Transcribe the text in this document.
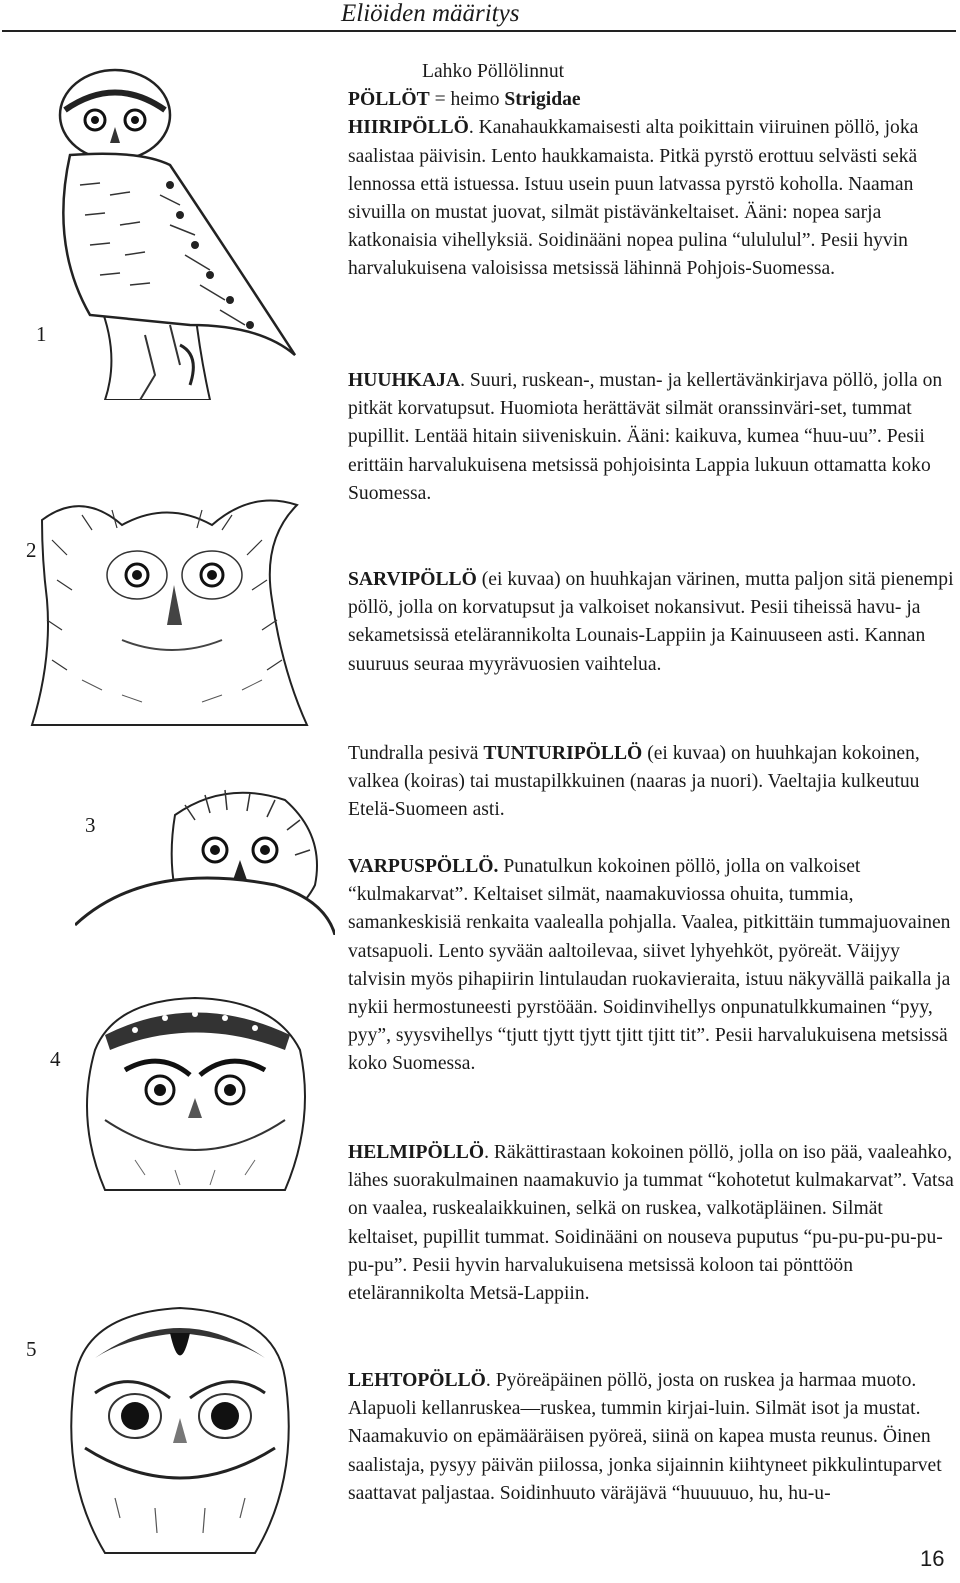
Eliöiden määritys
1
2
3
4
5

Lahko Pöllölinnut

PÖLLÖT = heimo Strigidae

HIIRIPÖLLÖ. Kanahaukkamaisesti alta poikittain viiruinen pöllö, joka saalistaa päivisin. Lento haukkamaista. Pitkä pyrstö erottuu selvästi sekä lennossa että istuessa. Istuu usein puun latvassa pyrstö koholla. Naaman sivuilla on mustat juovat, silmät pistävänkeltaiset. Ääni: nopea sarja katkonaisia vihellyksiä. Soidinääni nopea pulina “ulululul”. Pesii hyvin harvalukuisena valoisissa metsissä lähinnä Pohjois-Suomessa.

HUUHKAJA. Suuri, ruskean-, mustan- ja kellertävänkirjava pöllö, jolla on pitkät korvatupsut. Huomiota herättävät silmät oranssinväri-set, tummat pupillit. Lentää hitain siiveniskuin. Ääni: kaikuva, kumea “huu-uu”. Pesii erittäin harvalukuisena metsissä pohjoisinta Lappia lukuun ottamatta koko Suomessa.

SARVIPÖLLÖ (ei kuvaa) on huuhkajan värinen, mutta paljon sitä pienempi pöllö, jolla on korvatupsut ja valkoiset nokansivut. Pesii tiheissä havu- ja sekametsissä etelärannikolta Lounais-Lappiin ja Kainuuseen asti. Kannan suuruus seuraa myyrävuosien vaihtelua.

Tundralla pesivä TUNTURIPÖLLÖ (ei kuvaa) on huuhkajan kokoinen, valkea (koiras) tai mustapilkkuinen (naaras ja nuori). Vaeltajia kulkeutuu Etelä-Suomeen asti.

VARPUSPÖLLÖ. Punatulkun kokoinen pöllö, jolla on valkoiset “kulmakarvat”. Keltaiset silmät, naamakuviossa ohuita, tummia, samankeskisiä renkaita vaalealla pohjalla. Vaalea, pitkittäin tummajuovainen vatsapuoli. Lento syvään aaltoilevaa, siivet lyhyehköt, pyöreät. Väijyy talvisin myös pihapiirin lintulaudan ruokavieraita, istuu näkyvällä paikalla ja nykii hermostuneesti pyrstöään. Soidinvihellys onpunatulkkumainen “pyy, pyy”, syysvihellys “tjutt tjytt tjytt tjitt tjitt tit”. Pesii harvalukuisena metsissä koko Suomessa.

HELMIPÖLLÖ. Räkättirastaan kokoinen pöllö, jolla on iso pää, vaaleahko, lähes suorakulmainen naamakuvio ja tummat “kohotetut kulmakarvat”. Vatsa on vaalea, ruskealaikkuinen, selkä on ruskea, valkotäpläinen. Silmät keltaiset, pupillit tummat. Soidinääni on nouseva puputus “pu-pu-pu-pu-pu-pu-pu”. Pesii hyvin harvalukuisena metsissä koloon tai pönttöön etelärannikolta Metsä-Lappiin.

LEHTOPÖLLÖ. Pyöreäpäinen pöllö, josta on ruskea ja harmaa muoto. Alapuoli kellanruskea—ruskea, tummin kirjai-luin. Silmät isot ja mustat. Naamakuvio on epämääräisen pyöreä, siinä on kapea musta reunus. Öinen saalistaja, pysyy päivän piilossa, jonka sijainnin kiihtyneet pikkulintuparvet saattavat paljastaa. Soidinhuuto väräjävä “huuuuuo, hu, hu-u-

16
